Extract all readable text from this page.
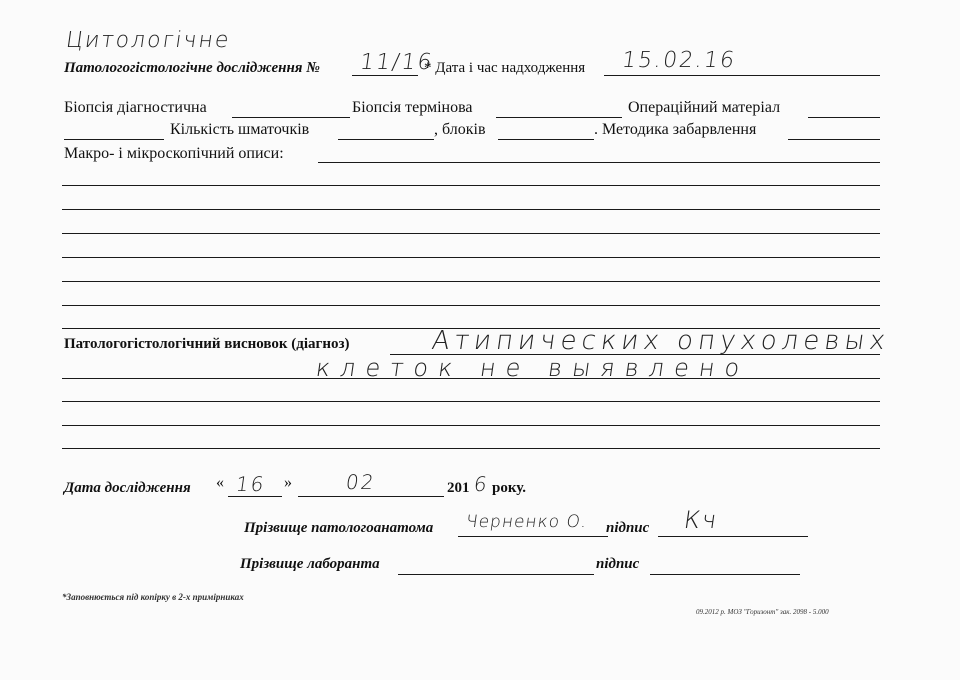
Цитологічне
Патологогістологічне дослідження № 11/16
* Дата і час надходження 15.02.16
Біопсія діагностична	Біопсія термінова	Операційний матеріал
Кількість шматочків	, блоків	. Методика забарвлення
Макро- і мікроскопічний описи:
Патологогістологічний висновок (діагноз)	Атипических опухолевых
клеток не выявлено
Дата дослідження « 16 »	02	201 6 року.
Прізвище патологоанатома Черненко О. підпис Кч
Прізвище лаборанта	підпис
*Заповнюється під копірку в 2-х примірниках
09.2012 р. МОЗ "Горизонт" зак. 2098 - 5.000
